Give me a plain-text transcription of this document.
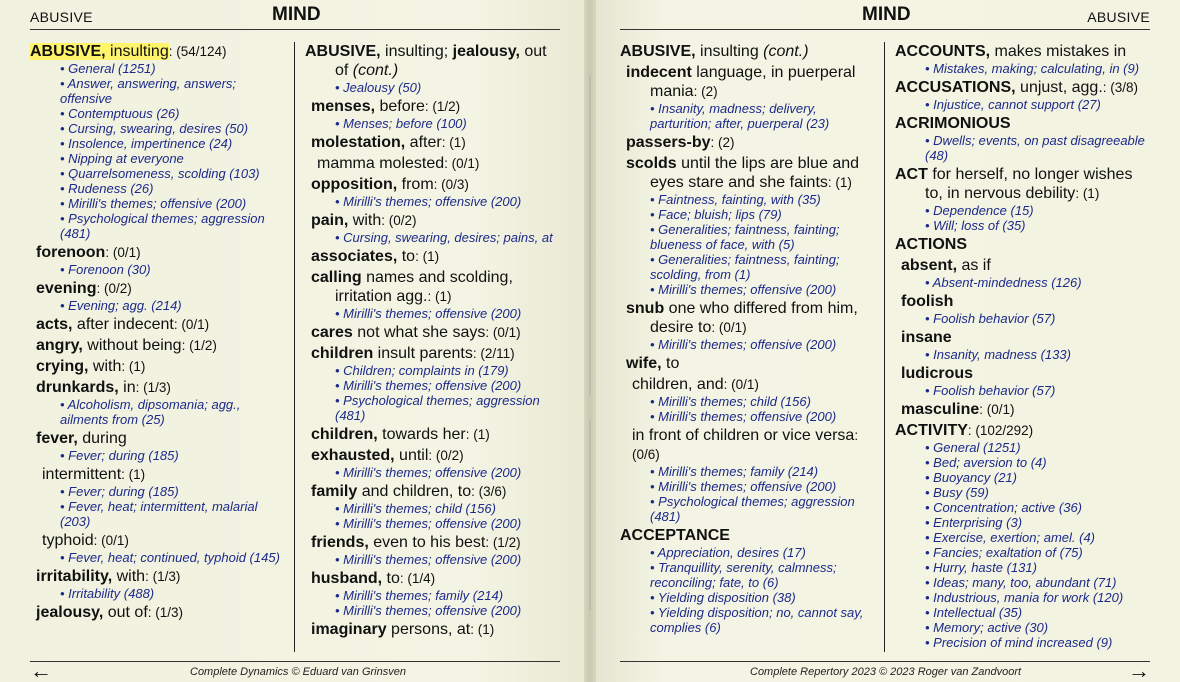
ABUSIVE	MIND	MIND	ABUSIVE
ABUSIVE, insulting: (54/124)
• General (1251)
• Answer, answering, answers; offensive
• Contemptuous (26)
• Cursing, swearing, desires (50)
• Insolence, impertinence (24)
• Nipping at everyone
• Quarrelsomeness, scolding (103)
• Rudeness (26)
• Mirilli's themes; offensive (200)
• Psychological themes; aggression (481)
forenoon: (0/1)
• Forenoon (30)
evening: (0/2)
• Evening; agg. (214)
acts, after indecent: (0/1)
angry, without being: (1/2)
crying, with: (1)
drunkards, in: (1/3)
• Alcoholism, dipsomania; agg., ailments from (25)
fever, during
• Fever; during (185)
intermittent: (1)
• Fever; during (185)
• Fever, heat; intermittent, malarial (203)
typhoid: (0/1)
• Fever, heat; continued, typhoid (145)
irritability, with: (1/3)
• Irritability (488)
jealousy, out of: (1/3)
ABUSIVE, insulting; jealousy, out
of (cont.)
• Jealousy (50)
menses, before: (1/2)
• Menses; before (100)
molestation, after: (1)
mamma molested: (0/1)
opposition, from: (0/3)
• Mirilli's themes; offensive (200)
pain, with: (0/2)
• Cursing, swearing, desires; pains, at
associates, to: (1)
calling names and scolding,
irritation agg.: (1)
• Mirilli's themes; offensive (200)
cares not what she says: (0/1)
children insult parents: (2/11)
• Children; complaints in (179)
• Mirilli's themes; offensive (200)
• Psychological themes; aggression (481)
children, towards her: (1)
exhausted, until: (0/2)
• Mirilli's themes; offensive (200)
family and children, to: (3/6)
• Mirilli's themes; child (156)
• Mirilli's themes; offensive (200)
friends, even to his best: (1/2)
• Mirilli's themes; offensive (200)
husband, to: (1/4)
• Mirilli's themes; family (214)
• Mirilli's themes; offensive (200)
imaginary persons, at: (1)
ABUSIVE, insulting (cont.)
indecent language, in puerperal
mania: (2)
• Insanity, madness; delivery, parturition; after, puerperal (23)
passers-by: (2)
scolds until the lips are blue and
eyes stare and she faints: (1)
• Faintness, fainting, with (35)
• Face; bluish; lips (79)
• Generalities; faintness, fainting; blueness of face, with (5)
• Generalities; faintness, fainting; scolding, from (1)
• Mirilli's themes; offensive (200)
snub one who differed from him,
desire to: (0/1)
• Mirilli's themes; offensive (200)
wife, to
children, and: (0/1)
• Mirilli's themes; child (156)
• Mirilli's themes; offensive (200)
in front of children or vice versa: (0/6)
• Mirilli's themes; family (214)
• Mirilli's themes; offensive (200)
• Psychological themes; aggression (481)
ACCEPTANCE
• Appreciation, desires (17)
• Tranquillity, serenity, calmness; reconciling; fate, to (6)
• Yielding disposition (38)
• Yielding disposition; no, cannot say, complies (6)
ACCOUNTS, makes mistakes in
• Mistakes, making; calculating, in (9)
ACCUSATIONS, unjust, agg.: (3/8)
• Injustice, cannot support (27)
ACRIMONIOUS
• Dwells; events, on past disagreeable (48)
ACT for herself, no longer wishes
to, in nervous debility: (1)
• Dependence (15)
• Will; loss of (35)
ACTIONS
absent, as if
• Absent-mindedness (126)
foolish
• Foolish behavior (57)
insane
• Insanity, madness (133)
ludicrous
• Foolish behavior (57)
masculine: (0/1)
ACTIVITY: (102/292)
• General (1251)
• Bed; aversion to (4)
• Buoyancy (21)
• Busy (59)
• Concentration; active (36)
• Enterprising (3)
• Exercise, exertion; amel. (4)
• Fancies; exaltation of (75)
• Hurry, haste (131)
• Ideas; many, too, abundant (71)
• Industrious, mania for work (120)
• Intellectual (35)
• Memory; active (30)
• Precision of mind increased (9)
←	Complete Dynamics © Eduard van Grinsven	Complete Repertory 2023 © 2023 Roger van Zandvoort	→
